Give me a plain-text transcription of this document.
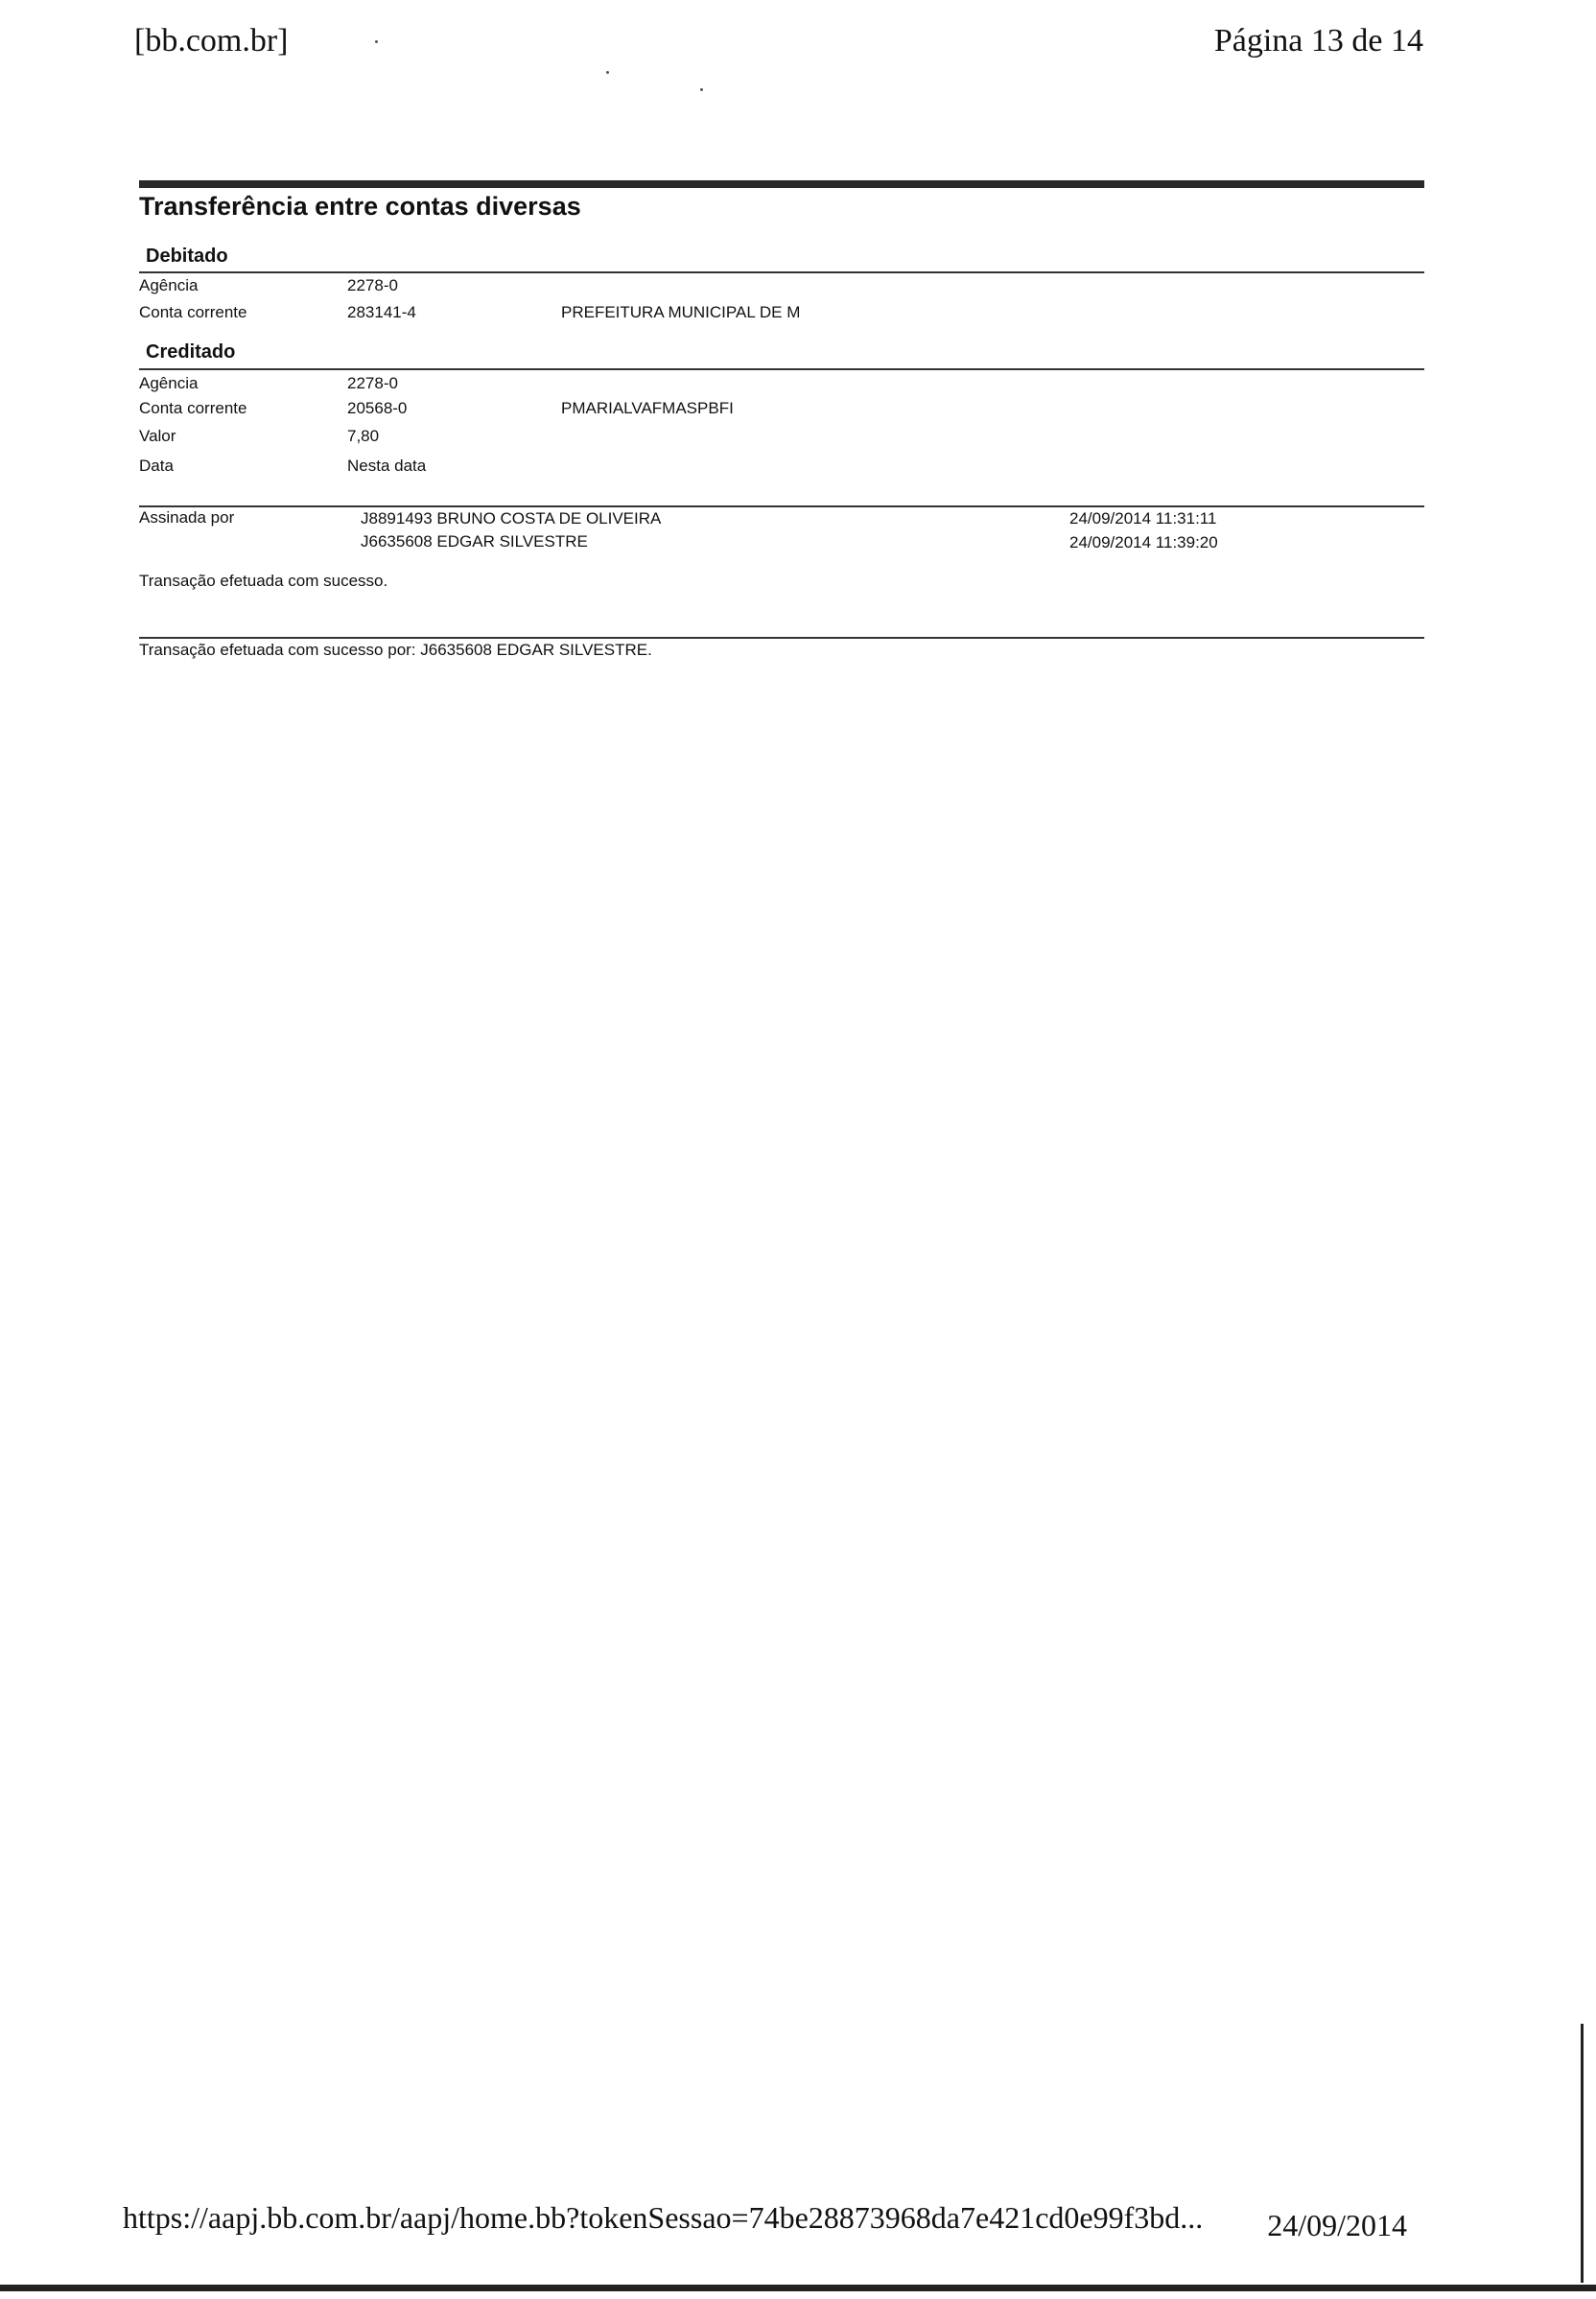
[bb.com.br]	Página 13 de 14
Transferência entre contas diversas
Debitado
Agência	2278-0
Conta corrente	283141-4	PREFEITURA MUNICIPAL DE M
Creditado
Agência	2278-0
Conta corrente	20568-0	PMARIALVAFMASPBFI
Valor	7,80
Data	Nesta data
Assinada por	J8891493 BRUNO COSTA DE OLIVEIRA	24/09/2014 11:31:11
J6635608 EDGAR SILVESTRE	24/09/2014 11:39:20
Transação efetuada com sucesso.
Transação efetuada com sucesso por: J6635608 EDGAR SILVESTRE.
https://aapj.bb.com.br/aapj/home.bb?tokenSessao=74be28873968da7e421cd0e99f3bd... 24/09/2014
